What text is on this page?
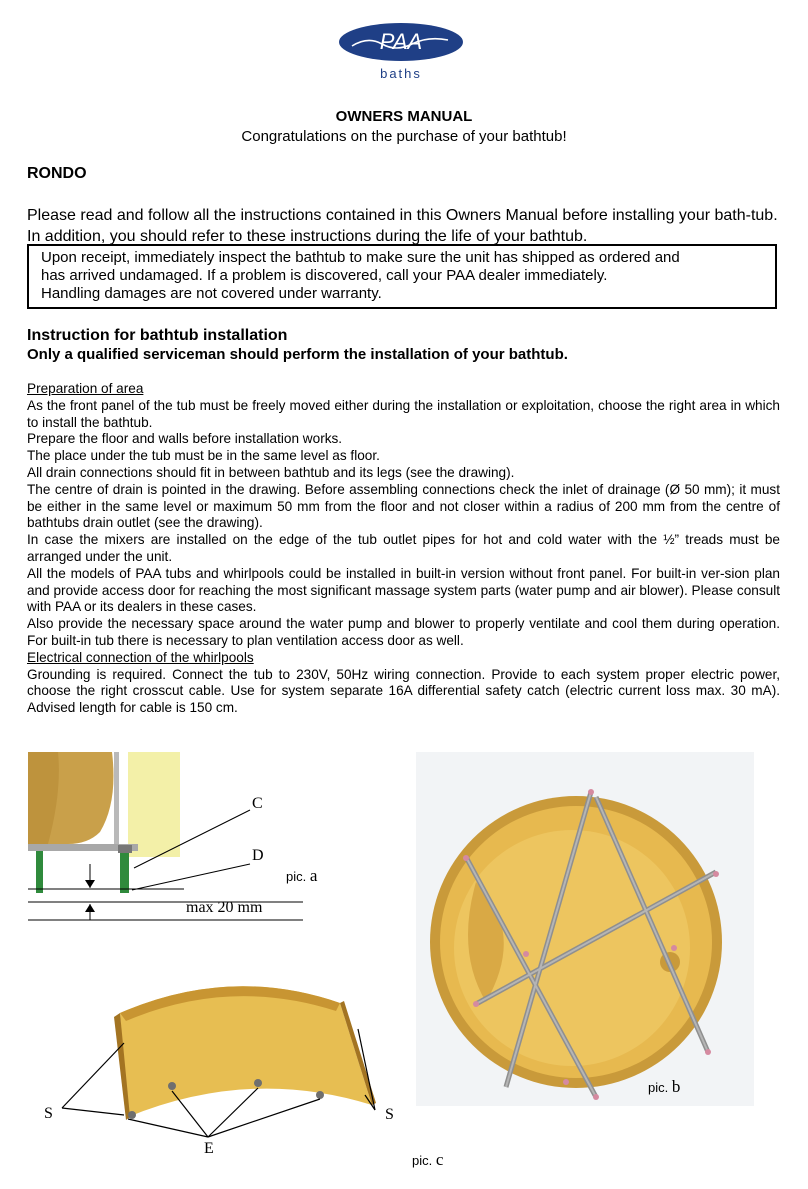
PAA
baths
OWNERS MANUAL
Congratulations on the purchase of your bathtub!
RONDO
Please read and follow all the instructions contained in this Owners Manual before installing your bath-tub. In addition, you should refer to these instructions during the life of your bathtub.
Upon receipt, immediately inspect the bathtub to make sure the unit has shipped as ordered and
has arrived undamaged. If a problem is discovered, call your PAA dealer immediately.
Handling damages are not covered under warranty.
Instruction for bathtub installation
Only a qualified serviceman should perform the installation of your bathtub.
Preparation of area
As the front panel of the tub must be freely moved either during the installation or exploitation, choose the right area in which to install the bathtub.
Prepare the floor and walls before installation works.
The place under the tub must be in the same level as floor.
All drain connections should fit in between bathtub and its legs (see the drawing).
The centre of drain is pointed in the drawing. Before assembling connections check the inlet of drainage (Ø 50 mm); it must be either in the same level or maximum 50 mm from the floor and not closer within a radius of 200 mm from the centre of bathtubs drain outlet (see the drawing).
In case the mixers are installed on the edge of the tub outlet pipes for hot and cold water with the ½” treads must be arranged under the unit.
All the models of PAA tubs and whirlpools could be installed in built-in version without front panel. For built-in ver-sion plan and provide access door for reaching the most significant massage system parts (water pump and air blower). Please consult with PAA or its dealers in these cases.
Also provide the necessary space around the water pump and blower to properly ventilate and cool them during operation. For built-in tub there is necessary to plan ventilation access door as well.
Electrical connection of the whirlpools
Grounding is required. Connect the tub to 230V, 50Hz wiring connection. Provide to each system proper electric power, choose the right crosscut cable. Use for system separate 16A differential safety catch (electric current loss max. 30 mA). Advised length for cable is 150 cm.
C
D
max 20 mm
pic. a
pic. b
S	S
E
pic. c
